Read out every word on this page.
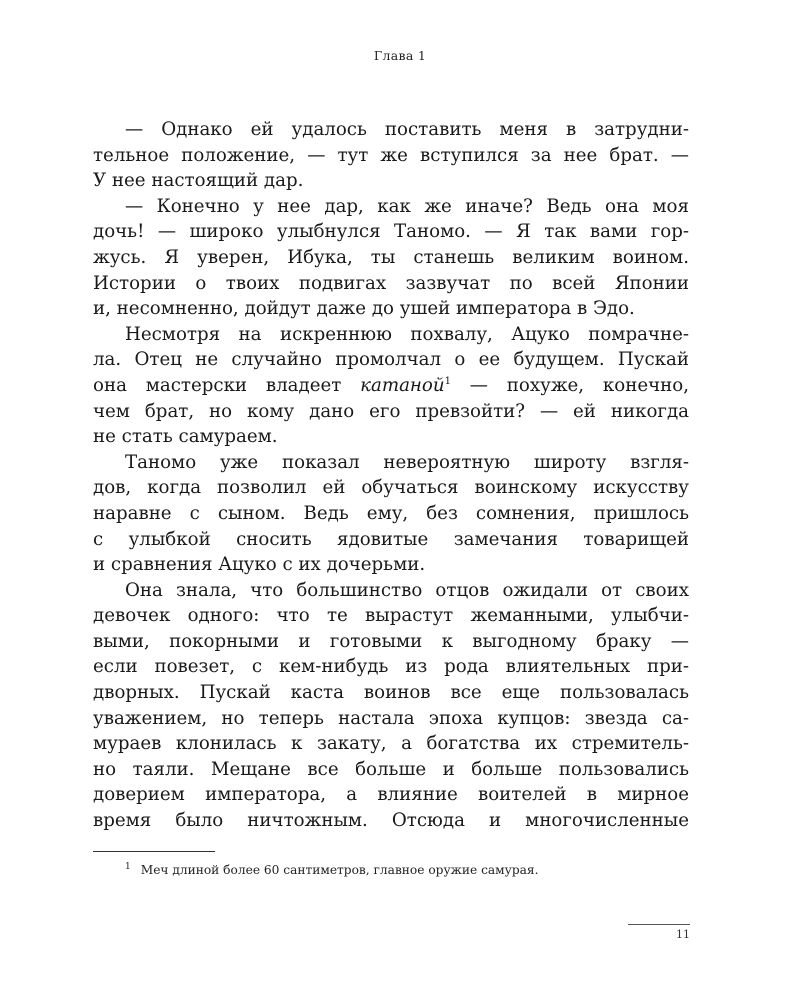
Глава 1
— Однако ей удалось поставить меня в затрудни-
тельное положение, — тут же вступился за нее брат. —
У нее настоящий дар.
— Конечно у нее дар, как же иначе? Ведь она моя
дочь! — широко улыбнулся Таномо. — Я так вами гор-
жусь. Я уверен, Ибука, ты станешь великим воином.
Истории о твоих подвигах зазвучат по всей Японии
и, несомненно, дойдут даже до ушей императора в Эдо.
Несмотря на искреннюю похвалу, Ацуко помрачне-
ла. Отец не случайно промолчал о ее будущем. Пускай
она мастерски владеет катаной$^1$ — похуже, конечно,
чем брат, но кому дано его превзойти? — ей никогда
не стать самураем.
Таномо уже показал невероятную широту взгля-
дов, когда позволил ей обучаться воинскому искусству
наравне с сыном. Ведь ему, без сомнения, пришлось
с улыбкой сносить ядовитые замечания товарищей
и сравнения Ацуко с их дочерьми.
Она знала, что большинство отцов ожидали от своих
девочек одного: что те вырастут жеманными, улыбчи-
выми, покорными и готовыми к выгодному браку —
если повезет, с кем-нибудь из рода влиятельных при-
дворных. Пускай каста воинов все еще пользовалась
уважением, но теперь настала эпоха купцов: звезда са-
мураев клонилась к закату, а богатства их стремитель-
но таяли. Мещане все больше и больше пользовались
доверием императора, а влияние воителей в мирное
время было ничтожным. Отсюда и многочисленные
$^1$ Меч длиной более 60 сантиметров, главное оружие самурая.
11
